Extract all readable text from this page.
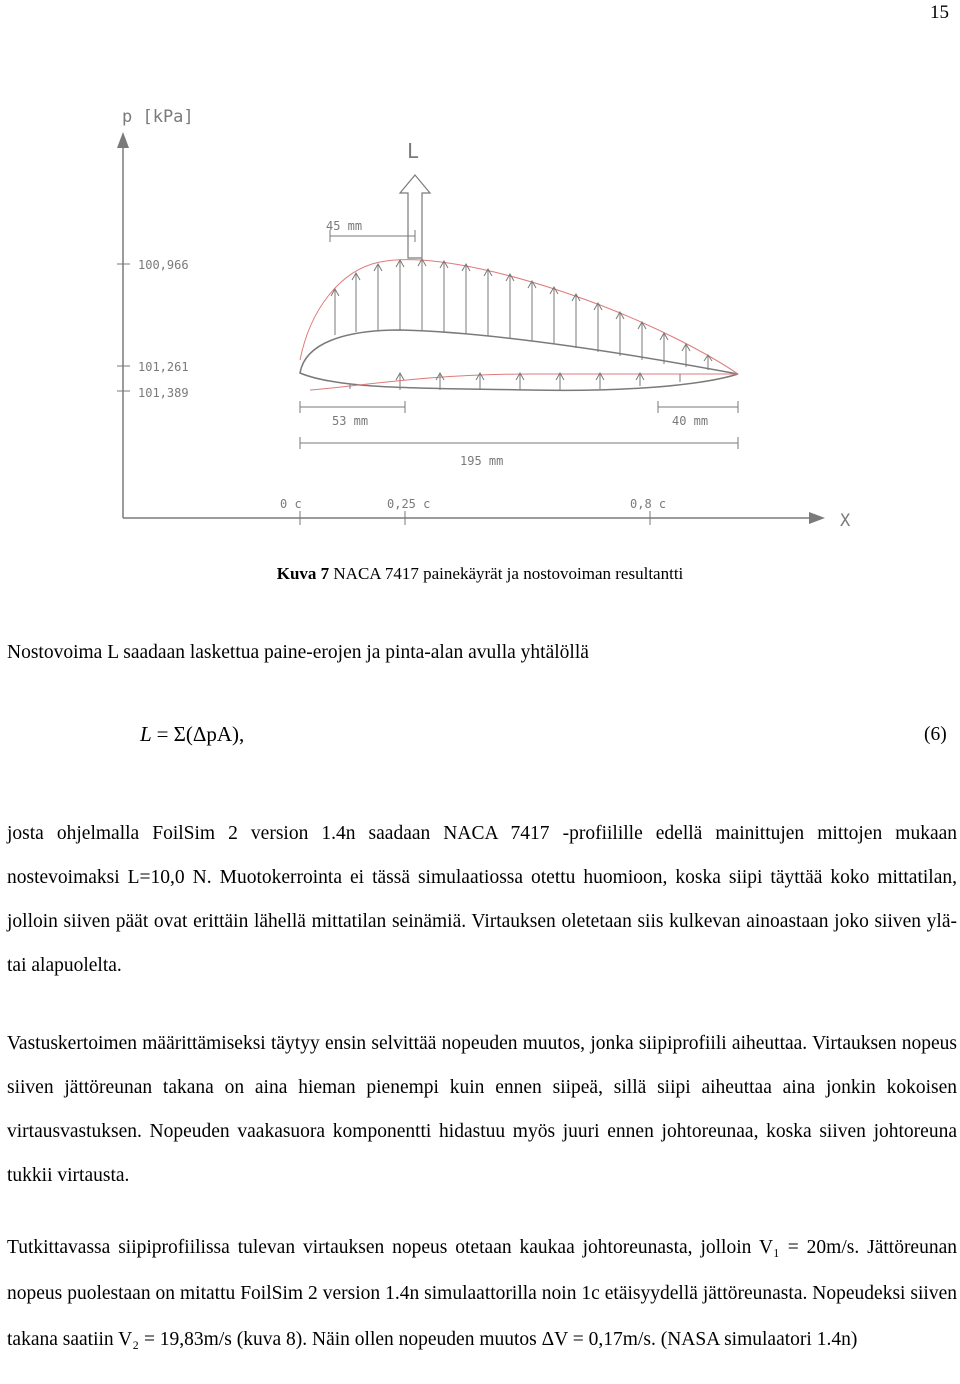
15
p [kPa]
X
100,966
101,261
101,389
L
45 mm
53 mm	40 mm
195 mm
0 c	0,25 c	0,8 c
Kuva 7 NACA 7417 painekäyrät ja nostovoiman resultantti
Nostovoima L saadaan laskettua paine-erojen ja pinta-alan avulla yhtälöllä
L = Σ(ΔpA),	(6)
josta ohjelmalla FoilSim 2 version 1.4n saadaan NACA 7417 -profiilille edellä mainittujen mittojen mukaan nostevoimaksi L=10,0 N. Muotokerrointa ei tässä simulaatiossa otettu huomioon, koska siipi täyttää koko mittatilan, jolloin siiven päät ovat erittäin lähellä mittatilan seinämiä. Virtauksen oletetaan siis kulkevan ainoastaan joko siiven ylä- tai alapuolelta.
Vastuskertoimen määrittämiseksi täytyy ensin selvittää nopeuden muutos, jonka siipiprofiili aiheuttaa. Virtauksen nopeus siiven jättöreunan takana on aina hieman pienempi kuin ennen siipeä, sillä siipi aiheuttaa aina jonkin kokoisen virtausvastuksen. Nopeuden vaakasuora komponentti hidastuu myös juuri ennen johtoreunaa, koska siiven johtoreuna tukkii virtausta.
Tutkittavassa siipiprofiilissa tulevan virtauksen nopeus otetaan kaukaa johtoreunasta, jolloin V₁ = 20m/s. Jättöreunan nopeus puolestaan on mitattu FoilSim 2 version 1.4n simulaattorilla noin 1c etäisyydellä jättöreunasta. Nopeudeksi siiven takana saatiin V₂ = 19,83m/s (kuva 8). Näin ollen nopeuden muutos ΔV = 0,17m/s. (NASA simulaatori 1.4n)
